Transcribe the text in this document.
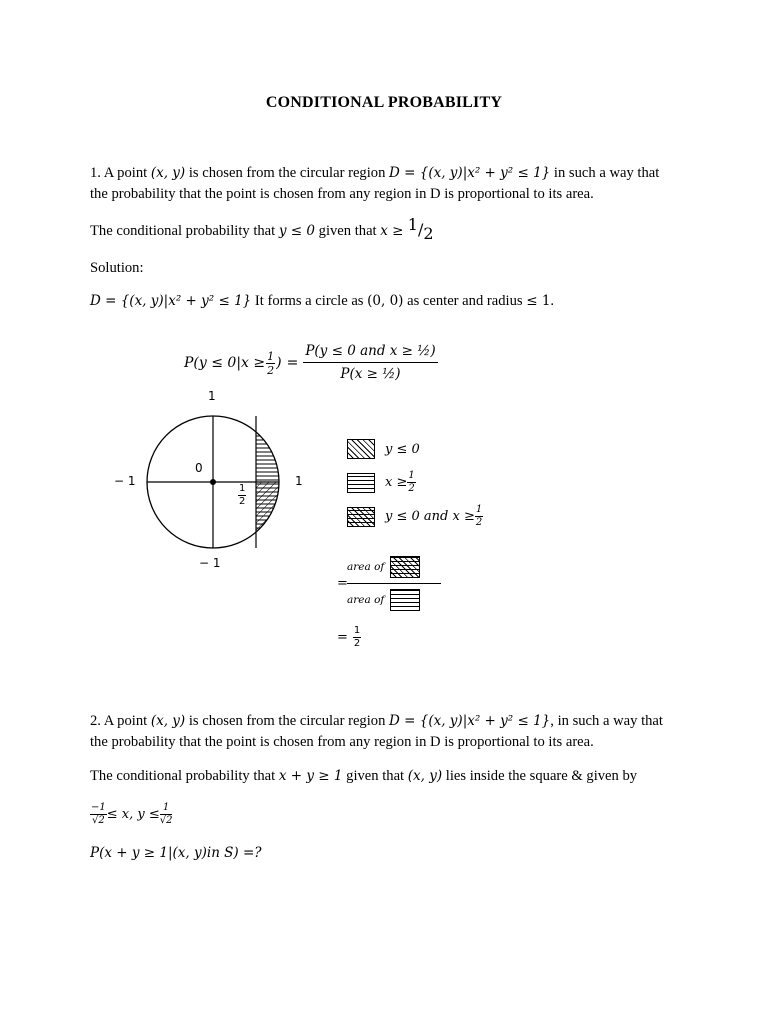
CONDITIONAL PROBABILITY
1. A point (x, y) is chosen from the circular region D = {(x, y)|x² + y² ≤ 1} in such a way that
the probability that the point is chosen from any region in D is proportional to its area.
The conditional probability that y ≤ 0 given that x ≥ 1/2
Solution:
D = {(x, y)|x² + y² ≤ 1} It forms a circle as (0, 0) as center and radius ≤ 1.
$P(y \le 0|x \ge \frac{1}{2}$ ) =
P(y ≤ 0 and x ≥ ½)
P(x ≥ ½)
1
− 1
− 1	1
0
$\frac{1}{2}$
y ≤ 0
$x \ge \frac{1}{2}$
y ≤ 0 and $x \ge \frac{1}{2}$
=
area of
area of
= $\frac{1}{2}$
2. A point (x, y) is chosen from the circular region D = {(x, y)|x² + y² ≤ 1}, in such a way that
the probability that the point is chosen from any region in D is proportional to its area.
The conditional probability that x + y ≥ 1 given that (x, y) lies inside the square & given by
$\frac{-1}{√2} \le x$, $y \le \frac{1}{√2}$
P(x + y ≥ 1|(x, y)in S) =?
